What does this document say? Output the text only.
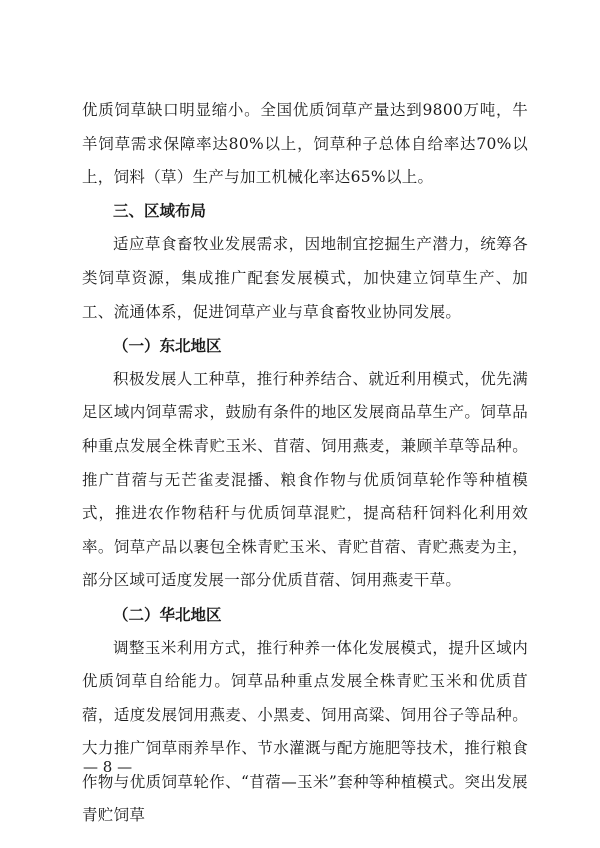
优质饲草缺口明显缩小。全国优质饲草产量达到9800万吨，牛羊饲草需求保障率达80%以上，饲草种子总体自给率达70%以上，饲料（草）生产与加工机械化率达65%以上。

三、区域布局

适应草食畜牧业发展需求，因地制宜挖掘生产潜力，统筹各类饲草资源，集成推广配套发展模式，加快建立饲草生产、加工、流通体系，促进饲草产业与草食畜牧业协同发展。

（一）东北地区

积极发展人工种草，推行种养结合、就近利用模式，优先满足区域内饲草需求，鼓励有条件的地区发展商品草生产。饲草品种重点发展全株青贮玉米、苜蓿、饲用燕麦，兼顾羊草等品种。推广苜蓿与无芒雀麦混播、粮食作物与优质饲草轮作等种植模式，推进农作物秸秆与优质饲草混贮，提高秸秆饲料化利用效率。饲草产品以裹包全株青贮玉米、青贮苜蓿、青贮燕麦为主，部分区域可适度发展一部分优质苜蓿、饲用燕麦干草。

（二）华北地区

调整玉米利用方式，推行种养一体化发展模式，提升区域内优质饲草自给能力。饲草品种重点发展全株青贮玉米和优质苜蓿，适度发展饲用燕麦、小黑麦、饲用高粱、饲用谷子等品种。大力推广饲草雨养旱作、节水灌溉与配方施肥等技术，推行粮食作物与优质饲草轮作、“苜蓿—玉米”套种等种植模式。突出发展青贮饲草

— 8 —
